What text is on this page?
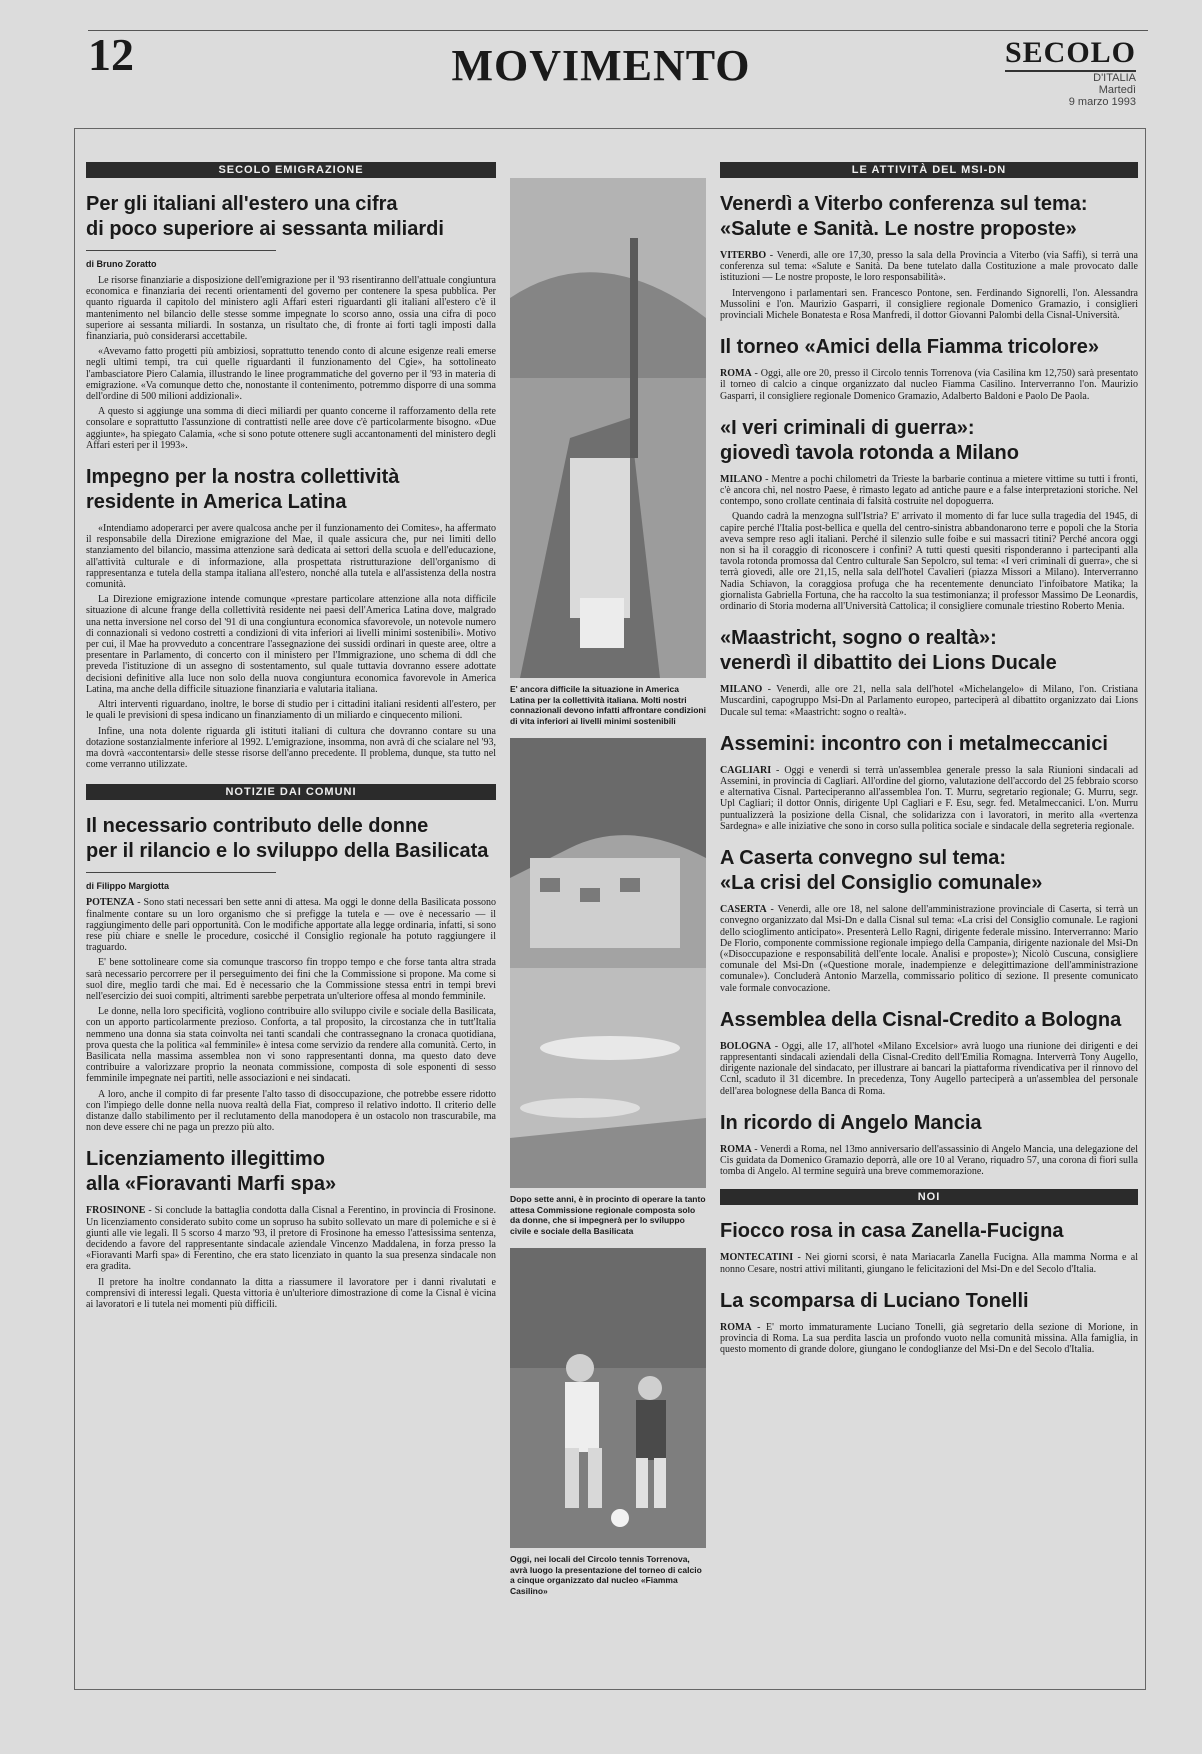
12	MOVIMENTO	SECOLO
D'ITALIA
Martedì
9 marzo 1993
SECOLO EMIGRAZIONE
Per gli italiani all'estero una cifra
di poco superiore ai sessanta miliardi
di Bruno Zoratto

Le risorse finanziarie a disposizione dell'emigrazione per il '93 risentiranno dell'attuale congiuntura economica e finanziaria dei recenti orientamenti del governo per contenere la spesa pubblica. Per quanto riguarda il capitolo del ministero agli Affari esteri riguardanti gli italiani all'estero c'è il mantenimento nel bilancio delle stesse somme impegnate lo scorso anno, ossia una cifra di poco superiore ai sessanta miliardi. In sostanza, un risultato che, di fronte ai forti tagli imposti dalla finanziaria, può considerarsi accettabile.

«Avevamo fatto progetti più ambiziosi, soprattutto tenendo conto di alcune esigenze reali emerse negli ultimi tempi, tra cui quelle riguardanti il funzionamento del Cgie», ha sottolineato l'ambasciatore Piero Calamia, illustrando le linee programmatiche del governo per il '93 in materia di emigrazione. «Va comunque detto che, nonostante il contenimento, potremmo disporre di una somma dell'ordine di 500 milioni addizionali».

A questo si aggiunge una somma di dieci miliardi per quanto concerne il rafforzamento della rete consolare e soprattutto l'assunzione di contrattisti nelle aree dove c'è particolarmente bisogno. «Due aggiunte», ha spiegato Calamia, «che si sono potute ottenere sugli accantonamenti del ministero degli Affari esteri per il 1993».

Impegno per la nostra collettività
residente in America Latina

«Intendiamo adoperarci per avere qualcosa anche per il funzionamento dei Comites», ha affermato il responsabile della Direzione emigrazione del Mae, il quale assicura che, pur nei limiti dello stanziamento del bilancio, massima attenzione sarà dedicata ai settori della scuola e dell'educazione, all'attività culturale e di informazione, alla prospettata ristrutturazione dell'organismo di rappresentanza e tutela della stampa italiana all'estero, nonché alla tutela e all'assistenza della nostra comunità.

La Direzione emigrazione intende comunque «prestare particolare attenzione alla nota difficile situazione di alcune frange della collettività residente nei paesi dell'America Latina dove, malgrado una netta inversione nel corso del '91 di una congiuntura economica sfavorevole, un notevole numero di connazionali si vedono costretti a condizioni di vita inferiori ai livelli minimi sostenibili». Motivo per cui, il Mae ha provveduto a concentrare l'assegnazione dei sussidi ordinari in queste aree, oltre a presentare in Parlamento, di concerto con il ministero per l'Immigrazione, uno schema di ddl che preveda l'istituzione di un assegno di sostentamento, sul quale tuttavia dovranno essere adottate decisioni definitive alla luce non solo della nuova congiuntura economica favorevole in America Latina, ma anche della difficile situazione finanziaria e valutaria italiana.

Altri interventi riguardano, inoltre, le borse di studio per i cittadini italiani residenti all'estero, per le quali le previsioni di spesa indicano un finanziamento di un miliardo e cinquecento milioni.

Infine, una nota dolente riguarda gli istituti italiani di cultura che dovranno contare su una dotazione sostanzialmente inferiore al 1992. L'emigrazione, insomma, non avrà di che scialare nel '93, ma dovrà «accontentarsi» delle stesse risorse dell'anno precedente. Il problema, dunque, sta tutto nel come verranno utilizzate.

NOTIZIE DAI COMUNI
Il necessario contributo delle donne
per il rilancio e lo sviluppo della Basilicata
di Filippo Margiotta

POTENZA - Sono stati necessari ben sette anni di attesa. Ma oggi le donne della Basilicata possono finalmente contare su un loro organismo che si prefigge la tutela e — ove è necessario — il raggiungimento delle pari opportunità. Con le modifiche apportate alla legge ordinaria, infatti, si sono rese più chiare e snelle le procedure, cosicché il Consiglio regionale ha potuto raggiungere il traguardo.

E' bene sottolineare come sia comunque trascorso fin troppo tempo e che forse tanta altra strada sarà necessario percorrere per il perseguimento dei fini che la Commissione si propone. Ma come si suol dire, meglio tardi che mai. Ed è necessario che la Commissione stessa entri in tempi brevi nell'esercizio dei suoi compiti, altrimenti sarebbe perpetrata un'ulteriore offesa al mondo femminile.

Le donne, nella loro specificità, vogliono contribuire allo sviluppo civile e sociale della Basilicata, con un apporto particolarmente prezioso. Conforta, a tal proposito, la circostanza che in tutt'Italia nemmeno una donna sia stata coinvolta nei tanti scandali che contrassegnano la cronaca quotidiana, prova questa che la politica «al femminile» è intesa come servizio da rendere alla comunità. Certo, in Basilicata nella massima assemblea non vi sono rappresentanti donna, ma questo dato deve contribuire a valorizzare proprio la neonata commissione, composta di sole esponenti di sesso femminile impegnate nei partiti, nelle associazioni e nei sindacati.

A loro, anche il compito di far presente l'alto tasso di disoccupazione, che potrebbe essere ridotto con l'impiego delle donne nella nuova realtà della Fiat, compreso il relativo indotto. Il criterio delle distanze dallo stabilimento per il reclutamento della manodopera è un ostacolo non trascurabile, ma non deve essere chi ne paga un prezzo più alto.

Licenziamento illegittimo
alla «Fioravanti Marfi spa»

FROSINONE - Si conclude la battaglia condotta dalla Cisnal a Ferentino, in provincia di Frosinone. Un licenziamento considerato subito come un sopruso ha subito sollevato un mare di polemiche e si è giunti alle vie legali. Il 5 scorso 4 marzo '93, il pretore di Frosinone ha emesso l'attesissima sentenza, decidendo a favore del rappresentante sindacale aziendale Vincenzo Maddalena, in forza presso la «Fioravanti Marfi spa» di Ferentino, che era stato licenziato in quanto la sua presenza sindacale non era gradita.

Il pretore ha inoltre condannato la ditta a riassumere il lavoratore per i danni rivalutati e comprensivi di interessi legali. Questa vittoria è un'ulteriore dimostrazione di come la Cisnal è vicina ai lavoratori e li tutela nei momenti più difficili.

E' ancora difficile la situazione in America Latina per la collettività italiana. Molti nostri connazionali devono infatti affrontare condizioni di vita inferiori ai livelli minimi sostenibili
Dopo sette anni, è in procinto di operare la tanto attesa Commissione regionale composta solo da donne, che si impegnerà per lo sviluppo civile e sociale della Basilicata
Oggi, nei locali del Circolo tennis Torrenova, avrà luogo la presentazione del torneo di calcio a cinque organizzato dal nucleo «Fiamma Casilino»
LE ATTIVITÀ DEL MSI-DN
Venerdì a Viterbo conferenza sul tema:
«Salute e Sanità. Le nostre proposte»

VITERBO - Venerdì, alle ore 17,30, presso la sala della Provincia a Viterbo (via Saffi), si terrà una conferenza sul tema: «Salute e Sanità. Da bene tutelato dalla Costituzione a male provocato dalle istituzioni — Le nostre proposte, le loro responsabilità».

Intervengono i parlamentari sen. Francesco Pontone, sen. Ferdinando Signorelli, l'on. Alessandra Mussolini e l'on. Maurizio Gasparri, il consigliere regionale Domenico Gramazio, i consiglieri provinciali Michele Bonatesta e Rosa Manfredi, il dottor Giovanni Palombi della Cisnal-Università.

Il torneo «Amici della Fiamma tricolore»

ROMA - Oggi, alle ore 20, presso il Circolo tennis Torrenova (via Casilina km 12,750) sarà presentato il torneo di calcio a cinque organizzato dal nucleo Fiamma Casilino. Interverranno l'on. Maurizio Gasparri, il consigliere regionale Domenico Gramazio, Adalberto Baldoni e Paolo De Paola.

«I veri criminali di guerra»:
giovedì tavola rotonda a Milano

MILANO - Mentre a pochi chilometri da Trieste la barbarie continua a mietere vittime su tutti i fronti, c'è ancora chi, nel nostro Paese, è rimasto legato ad antiche paure e a false interpretazioni storiche. Nel contempo, sono crollate centinaia di falsità costruite nel dopoguerra.

Quando cadrà la menzogna sull'Istria? E' arrivato il momento di far luce sulla tragedia del 1945, di capire perché l'Italia post-bellica e quella del centro-sinistra abbandonarono terre e popoli che la Storia aveva sempre reso agli italiani. Perché il silenzio sulle foibe e sui massacri titini? Perché ancora oggi non si ha il coraggio di riconoscere i confini? A tutti questi quesiti risponderanno i partecipanti alla tavola rotonda promossa dal Centro culturale San Sepolcro, sul tema: «I veri criminali di guerra», che si terrà giovedì, alle ore 21,15, nella sala dell'hotel Cavalieri (piazza Missori a Milano). Interverranno Nadia Schiavon, la coraggiosa profuga che ha recentemente denunciato l'infoibatore Matika; la giornalista Gabriella Fortuna, che ha raccolto la sua testimonianza; il professor Massimo De Leonardis, ordinario di Storia moderna all'Università Cattolica; il consigliere comunale triestino Roberto Menia.

«Maastricht, sogno o realtà»:
venerdì il dibattito dei Lions Ducale

MILANO - Venerdì, alle ore 21, nella sala dell'hotel «Michelangelo» di Milano, l'on. Cristiana Muscardini, capogruppo Msi-Dn al Parlamento europeo, parteciperà al dibattito organizzato dai Lions Ducale sul tema: «Maastricht: sogno o realtà».

Assemini: incontro con i metalmeccanici

CAGLIARI - Oggi e venerdì si terrà un'assemblea generale presso la sala Riunioni sindacali ad Assemini, in provincia di Cagliari. All'ordine del giorno, valutazione dell'accordo del 25 febbraio scorso e alternativa Cisnal. Parteciperanno all'assemblea l'on. T. Murru, segretario regionale; G. Murru, segr. Upl Cagliari; il dottor Onnis, dirigente Upl Cagliari e F. Esu, segr. fed. Metalmeccanici. L'on. Murru puntualizzerà la posizione della Cisnal, che solidarizza con i lavoratori, in merito alla «vertenza Sardegna» e alle iniziative che sono in corso sulla politica sociale e sindacale della segreteria regionale.

A Caserta convegno sul tema:
«La crisi del Consiglio comunale»

CASERTA - Venerdì, alle ore 18, nel salone dell'amministrazione provinciale di Caserta, si terrà un convegno organizzato dal Msi-Dn e dalla Cisnal sul tema: «La crisi del Consiglio comunale. Le ragioni dello scioglimento anticipato». Presenterà Lello Ragni, dirigente federale missino. Interverranno: Mario De Florio, componente commissione regionale impiego della Campania, dirigente nazionale del Msi-Dn («Disoccupazione e responsabilità dell'ente locale. Analisi e proposte»); Nicolò Cuscuna, consigliere comunale del Msi-Dn («Questione morale, inadempienze e delegittimazione dell'amministrazione comunale»). Concluderà Antonio Marzella, commissario politico di sezione. Il presente comunicato vale formale convocazione.

Assemblea della Cisnal-Credito a Bologna

BOLOGNA - Oggi, alle 17, all'hotel «Milano Excelsior» avrà luogo una riunione dei dirigenti e dei rappresentanti sindacali aziendali della Cisnal-Credito dell'Emilia Romagna. Interverrà Tony Augello, dirigente nazionale del sindacato, per illustrare ai bancari la piattaforma rivendicativa per il rinnovo del Ccnl, scaduto il 31 dicembre. In precedenza, Tony Augello parteciperà a un'assemblea del personale dell'area bolognese della Banca di Roma.

In ricordo di Angelo Mancia

ROMA - Venerdì a Roma, nel 13mo anniversario dell'assassinio di Angelo Mancia, una delegazione del Cis guidata da Domenico Gramazio deporrà, alle ore 10 al Verano, riquadro 57, una corona di fiori sulla tomba di Angelo. Al termine seguirà una breve commemorazione.

NOI
Fiocco rosa in casa Zanella-Fucigna

MONTECATINI - Nei giorni scorsi, è nata Mariacarla Zanella Fucigna. Alla mamma Norma e al nonno Cesare, nostri attivi militanti, giungano le felicitazioni del Msi-Dn e del Secolo d'Italia.

La scomparsa di Luciano Tonelli

ROMA - E' morto immaturamente Luciano Tonelli, già segretario della sezione di Morione, in provincia di Roma. La sua perdita lascia un profondo vuoto nella comunità missina. Alla famiglia, in questo momento di grande dolore, giungano le condoglianze del Msi-Dn e del Secolo d'Italia.
